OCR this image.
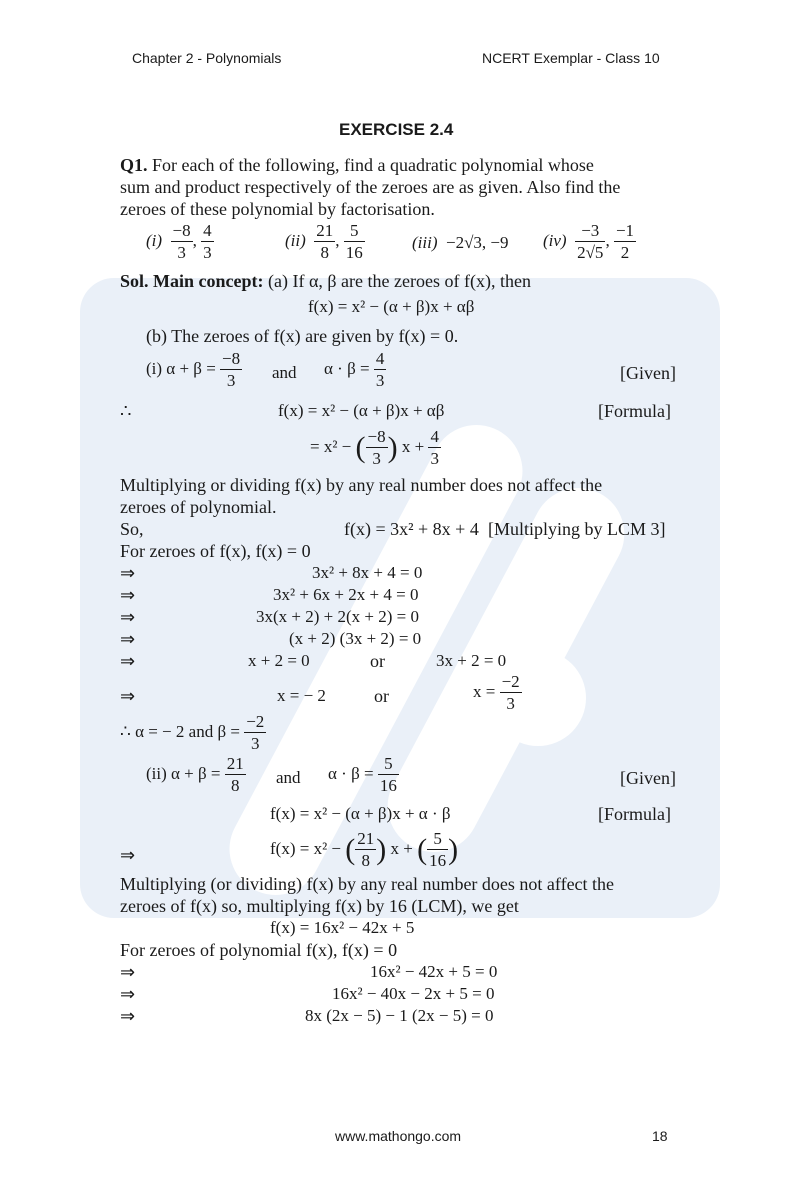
Chapter 2 - Polynomials	NCERT Exemplar - Class 10
EXERCISE 2.4
Q1. For each of the following, find a quadratic polynomial whose
sum and product respectively of the zeroes are as given. Also find the
zeroes of these polynomial by factorisation.
$(i) \frac{-8}{3}$ , $\frac{4}{3}$	$(ii) \frac{21}{8}$ , $\frac{5}{16}$	(iii) −2√3, −9 $(iv) \frac{-3}{2√5}$ , $\frac{-1}{2}$
Sol. Main concept: (a) If α, β are the zeroes of f(x), then
f(x) = x² − (α + β)x + αβ
(b) The zeroes of f(x) are given by f(x) = 0.
(i) $\alpha + \beta = \frac{-8}{3}$ and $\alpha \cdot \beta = \frac{4}{3}$	[Given]
∴	f(x) = x² − (α + β)x + αβ	[Formula]
= x² − ( $\frac{-8}{3}$ ) $x + \frac{4}{3}$
Multiplying or dividing f(x) by any real number does not affect the
zeroes of polynomial.
So,	f(x) = 3x² + 8x + 4 [Multiplying by LCM 3]
For zeroes of f(x), f(x) = 0
⇒	3x² + 8x + 4 = 0
⇒	3x² + 6x + 2x + 4 = 0
⇒	3x(x + 2) + 2(x + 2) = 0
⇒	(x + 2) (3x + 2) = 0
⇒	x + 2 = 0	or	3x + 2 = 0
⇒	x = − 2	or	$x = \frac{-2}{3}$
∴ α = − 2 and $\beta = \frac{-2}{3}$
(ii) $\alpha + \beta = \frac{21}{8}$ and $\alpha \cdot \beta = \frac{5}{16}$	[Given]
f(x) = x² − (α + β)x + α · β	[Formula]
⇒	f(x) = x² − ( $\frac{21}{8}$ ) x + ( $\frac{5}{16}$ )
Multiplying (or dividing) f(x) by any real number does not affect the
zeroes of f(x) so, multiplying f(x) by 16 (LCM), we get
f(x) = 16x² − 42x + 5
For zeroes of polynomial f(x), f(x) = 0
⇒	16x² − 42x + 5 = 0
⇒	16x² − 40x − 2x + 5 = 0
⇒	8x (2x − 5) − 1 (2x − 5) = 0
www.mathongo.com	18
